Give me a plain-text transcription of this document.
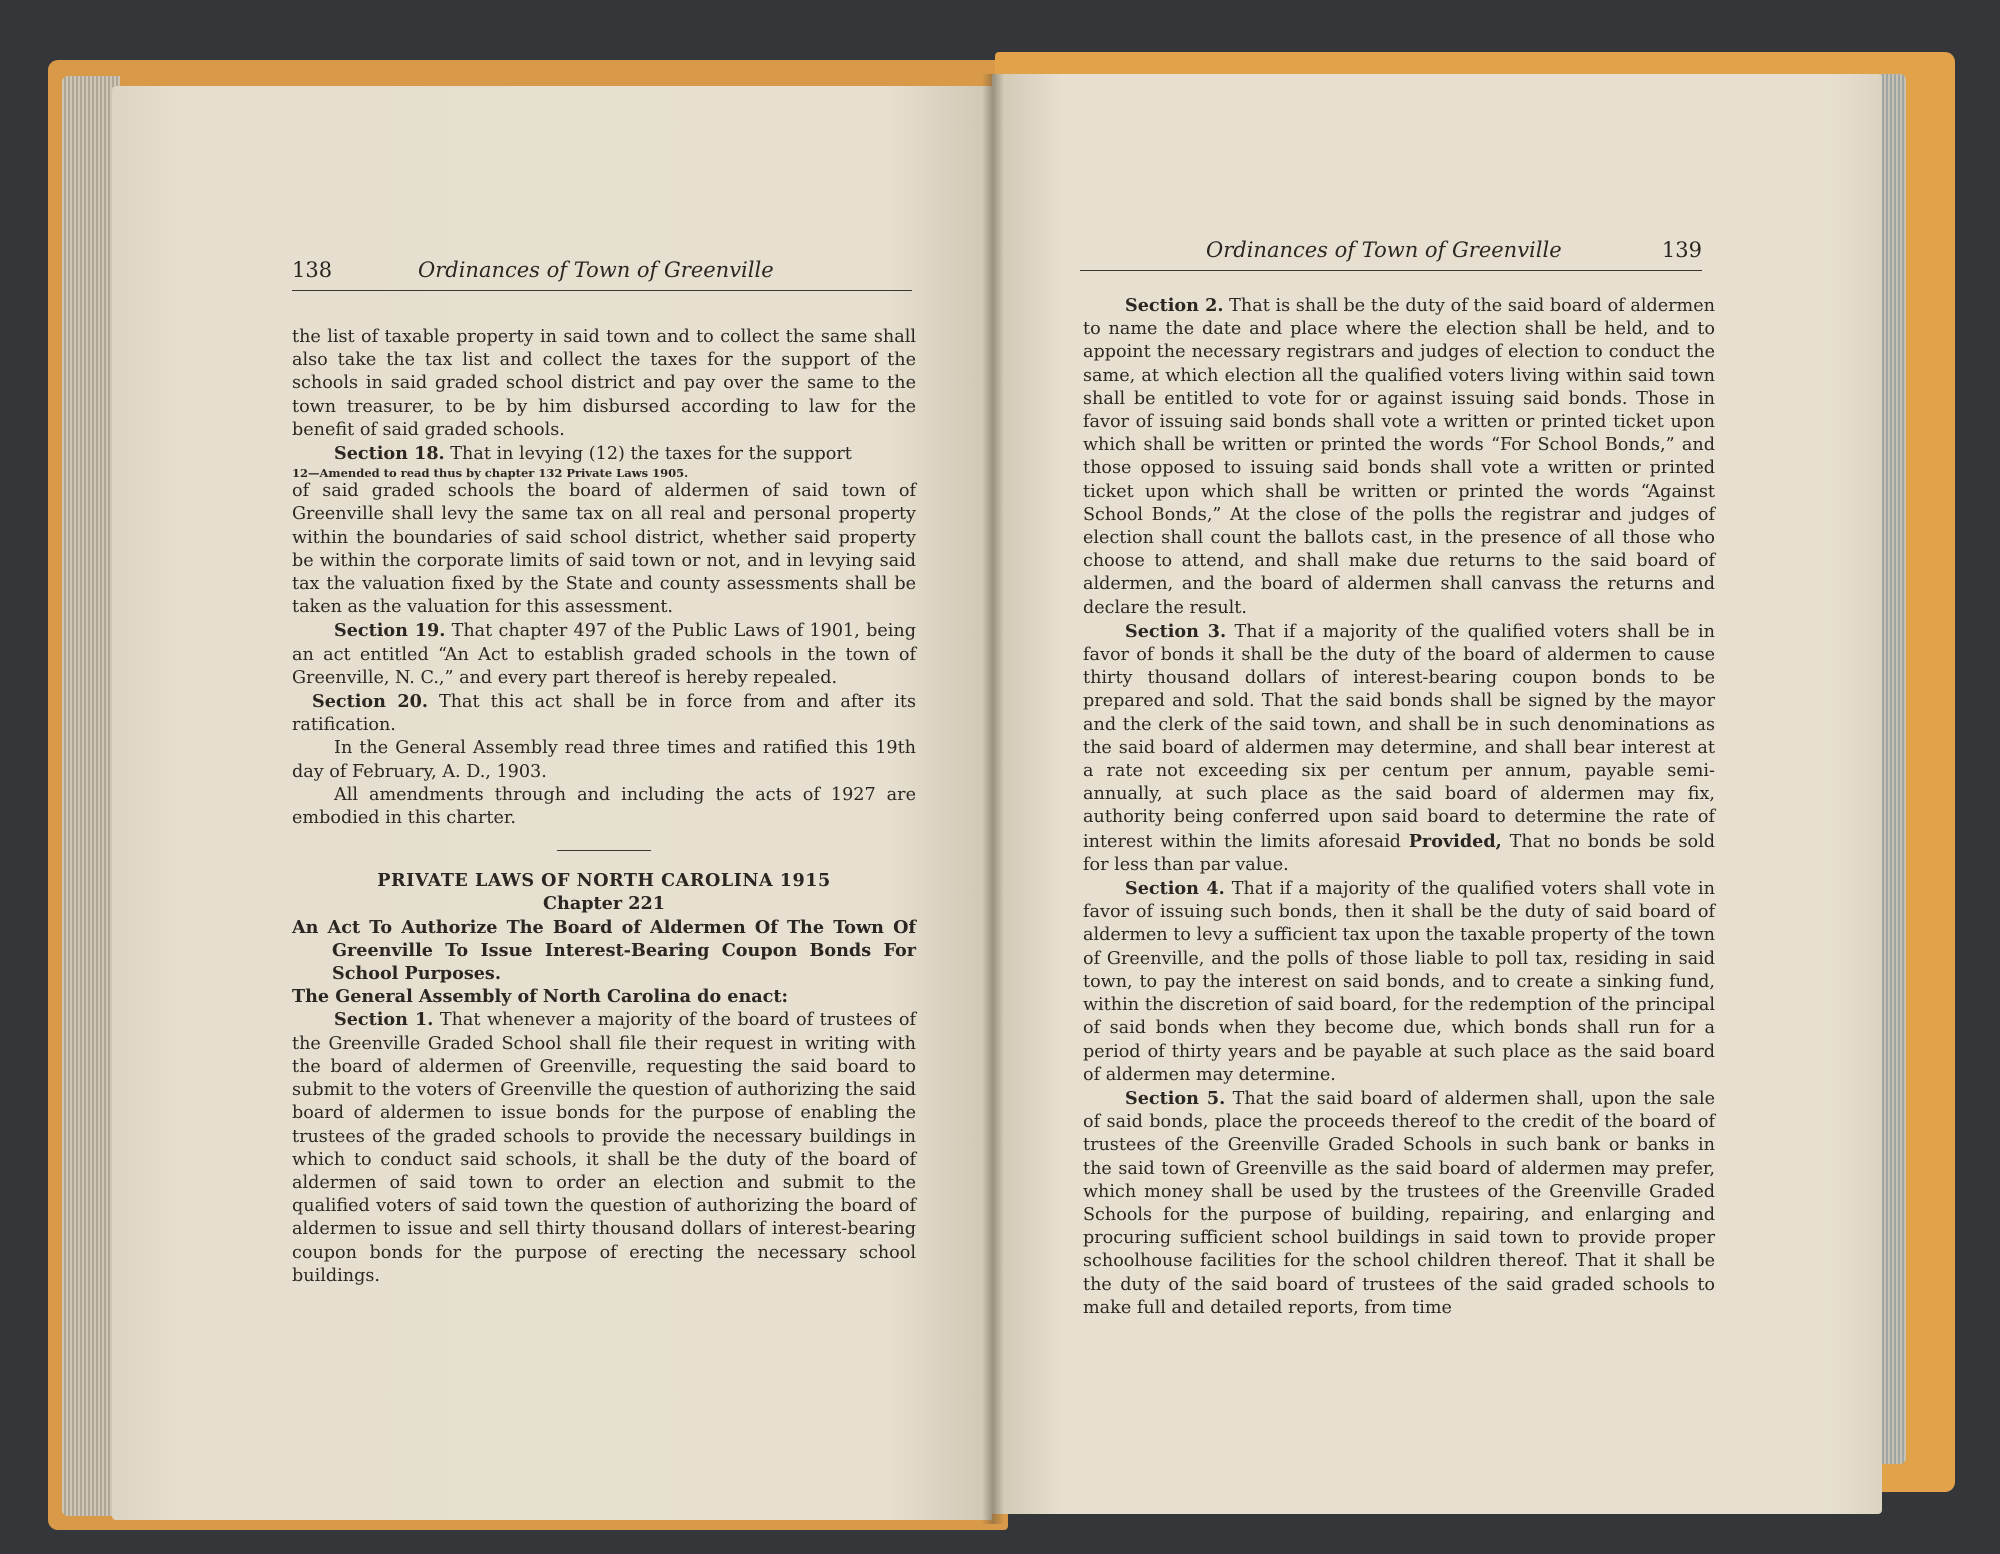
138	Ordinances of Town of Greenville

the list of taxable property in said town and to collect the same shall also take the tax list and collect the taxes for the support of the schools in said graded school district and pay over the same to the town treasurer, to be by him disbursed according to law for the benefit of said graded schools.

Section 18. That in levying (12) the taxes for the support

12—Amended to read thus by chapter 132 Private Laws 1905.

of said graded schools the board of aldermen of said town of Greenville shall levy the same tax on all real and personal property within the boundaries of said school district, whether said property be within the corporate limits of said town or not, and in levying said tax the valuation fixed by the State and county assessments shall be taken as the valuation for this assessment.

Section 19. That chapter 497 of the Public Laws of 1901, being an act entitled “An Act to establish graded schools in the town of Greenville, N. C.,” and every part thereof is hereby repealed.

Section 20. That this act shall be in force from and after its ratification.

In the General Assembly read three times and ratified this 19th day of February, A. D., 1903.

All amendments through and including the acts of 1927 are embodied in this charter.

PRIVATE LAWS OF NORTH CAROLINA 1915

Chapter 221

An Act To Authorize The Board of Aldermen Of The Town Of Greenville To Issue Interest-Bearing Coupon Bonds For School Purposes.

The General Assembly of North Carolina do enact:

Section 1. That whenever a majority of the board of trustees of the Greenville Graded School shall file their request in writing with the board of aldermen of Greenville, requesting the said board to submit to the voters of Greenville the question of authorizing the said board of aldermen to issue bonds for the purpose of enabling the trustees of the graded schools to provide the necessary buildings in which to conduct said schools, it shall be the duty of the board of aldermen of said town to order an election and submit to the qualified voters of said town the question of authorizing the board of aldermen to issue and sell thirty thousand dollars of interest-bearing coupon bonds for the purpose of erecting the necessary school buildings.

Ordinances of Town of Greenville	139

Section 2. That is shall be the duty of the said board of aldermen to name the date and place where the election shall be held, and to appoint the necessary registrars and judges of election to conduct the same, at which election all the qualified voters living within said town shall be entitled to vote for or against issuing said bonds. Those in favor of issuing said bonds shall vote a written or printed ticket upon which shall be written or printed the words “For School Bonds,” and those opposed to issuing said bonds shall vote a written or printed ticket upon which shall be written or printed the words “Against School Bonds,” At the close of the polls the registrar and judges of election shall count the ballots cast, in the presence of all those who choose to attend, and shall make due returns to the said board of aldermen, and the board of aldermen shall canvass the returns and declare the result.

Section 3. That if a majority of the qualified voters shall be in favor of bonds it shall be the duty of the board of aldermen to cause thirty thousand dollars of interest-bearing coupon bonds to be prepared and sold. That the said bonds shall be signed by the mayor and the clerk of the said town, and shall be in such denominations as the said board of aldermen may determine, and shall bear interest at a rate not exceeding six per centum per annum, payable semi-annually, at such place as the said board of aldermen may fix, authority being conferred upon said board to determine the rate of interest within the limits aforesaid Provided, That no bonds be sold for less than par value.

Section 4. That if a majority of the qualified voters shall vote in favor of issuing such bonds, then it shall be the duty of said board of aldermen to levy a sufficient tax upon the taxable property of the town of Greenville, and the polls of those liable to poll tax, residing in said town, to pay the interest on said bonds, and to create a sinking fund, within the discretion of said board, for the redemption of the principal of said bonds when they become due, which bonds shall run for a period of thirty years and be payable at such place as the said board of aldermen may determine.

Section 5. That the said board of aldermen shall, upon the sale of said bonds, place the proceeds thereof to the credit of the board of trustees of the Greenville Graded Schools in such bank or banks in the said town of Greenville as the said board of aldermen may prefer, which money shall be used by the trustees of the Greenville Graded Schools for the purpose of building, repairing, and enlarging and procuring sufficient school buildings in said town to provide proper schoolhouse facilities for the school children thereof. That it shall be the duty of the said board of trustees of the said graded schools to make full and detailed reports, from time
